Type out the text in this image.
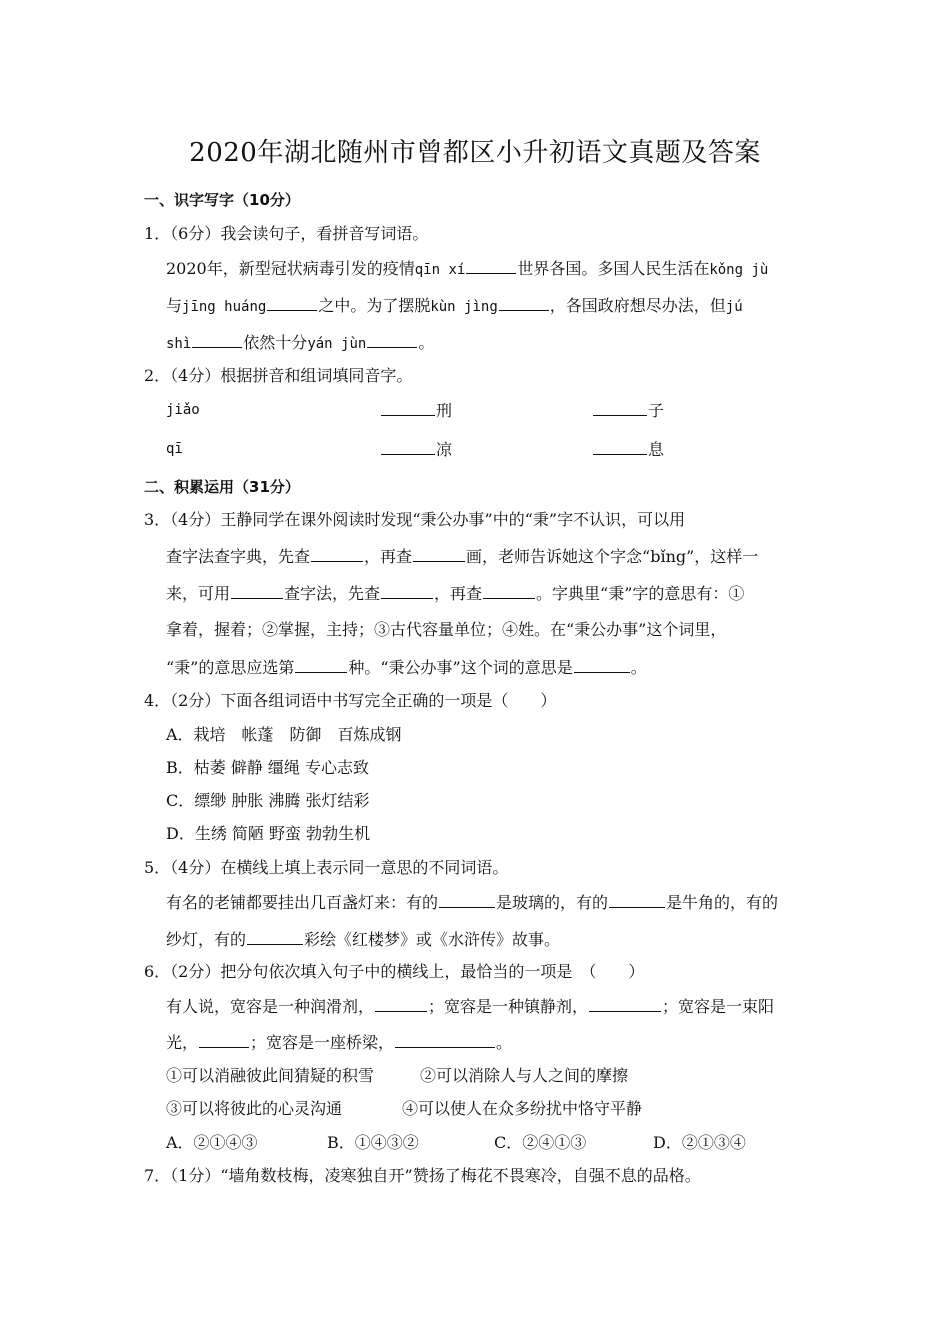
2020年湖北随州市曾都区小升初语文真题及答案
一、识字写字（10分）
1．（6分）我会读句子，看拼音写词语。
2020年，新型冠状病毒引发的疫情qīn xí	世界各国。多国人民生活在kǒng jù
与jīng huáng	之中。为了摆脱kùn jìng	，各国政府想尽办法，但jú
shì	依然十分yán jùn	。
2．（4分）根据拼音和组词填同音字。
jiǎo	刑	子
qī	凉	息
二、积累运用（31分）
3．（4分）王静同学在课外阅读时发现“秉公办事”中的“秉”字不认识，可以用
查字法查字典，先查	，再查	画，老师告诉她这个字念“bǐng”，这样一
来，可用	查字法，先查	，再查	。字典里“秉”字的意思有：①
拿着，握着；②掌握，主持；③古代容量单位；④姓。在“秉公办事”这个词里，
“秉”的意思应选第	种。“秉公办事”这个词的意思是	。
4．（2分）下面各组词语中书写完全正确的一项是（　　）
A．栽培　帐蓬　防御　百炼成钢
B．枯萎 僻静 缰绳 专心志致
C．缥缈 肿胀 沸腾 张灯结彩
D．生绣 简陋 野蛮 勃勃生机
5．（4分）在横线上填上表示同一意思的不同词语。
有名的老铺都要挂出几百盏灯来：有的	是玻璃的，有的	是牛角的，有的
纱灯，有的	彩绘《红楼梦》或《水浒传》故事。
6．（2分）把分句依次填入句子中的横线上，最恰当的一项是　（　　）
有人说，宽容是一种润滑剂，	；宽容是一种镇静剂，	；宽容是一束阳
光，	；宽容是一座桥梁，	。
①可以消融彼此间猜疑的积雪	②可以消除人与人之间的摩擦
③可以将彼此的心灵沟通	④可以使人在众多纷扰中恪守平静
A．②①④③	B．①④③②	C．②④①③	D．②①③④
7．（1分）“墙角数枝梅，凌寒独自开”赞扬了梅花不畏寒冷，自强不息的品格。
